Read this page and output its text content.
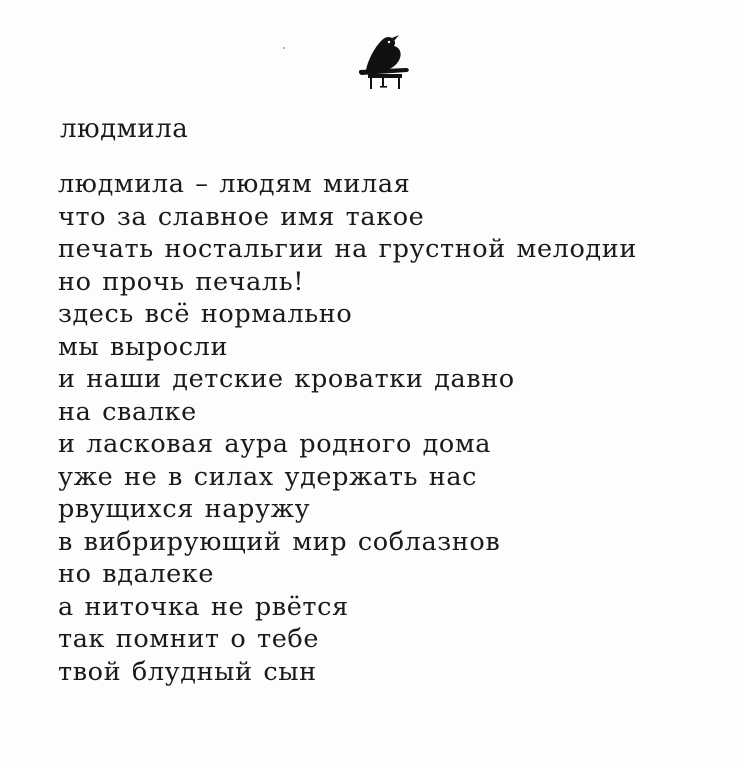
людмила
людмила – людям милая
что за славное имя такое
печать ностальгии на грустной мелодии
но прочь печаль!
здесь всё нормально
мы выросли
и наши детские кроватки давно
на свалке
и ласковая аура родного дома
уже не в силах удержать нас
рвущихся наружу
в вибрирующий мир соблазнов
но вдалеке
а ниточка не рвётся
так помнит о тебе
твой блудный сын
